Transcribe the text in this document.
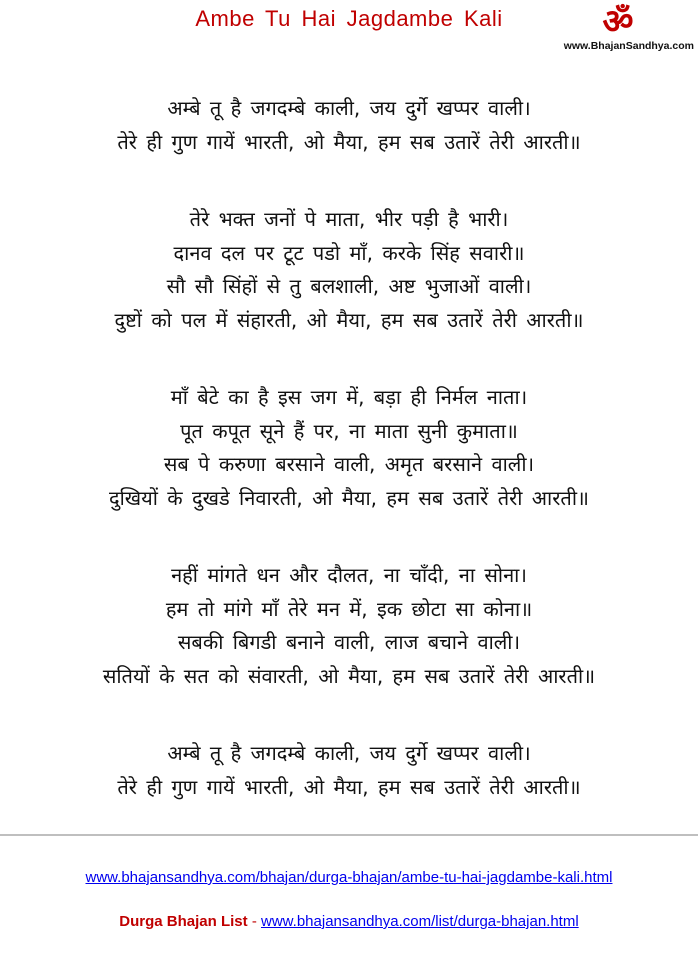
Ambe Tu Hai Jagdambe Kali	ॐ
www.BhajanSandhya.com
अम्बे तू है जगदम्बे काली, जय दुर्गे खप्पर वाली।
तेरे ही गुण गायें भारती, ओ मैया, हम सब उतारें तेरी आरती॥
तेरे भक्त जनों पे माता, भीर पड़ी है भारी।
दानव दल पर टूट पडो माँ, करके सिंह सवारी॥
सौ सौ सिंहों से तु बलशाली, अष्ट भुजाओं वाली।
दुष्टों को पल में संहारती, ओ मैया, हम सब उतारें तेरी आरती॥
माँ बेटे का है इस जग में, बड़ा ही निर्मल नाता।
पूत कपूत सूने हैं पर, ना माता सुनी कुमाता॥
सब पे करुणा बरसाने वाली, अमृत बरसाने वाली।
दुखियों के दुखडे निवारती, ओ मैया, हम सब उतारें तेरी आरती॥
नहीं मांगते धन और दौलत, ना चाँदी, ना सोना।
हम तो मांगे माँ तेरे मन में, इक छोटा सा कोना॥
सबकी बिगडी बनाने वाली, लाज बचाने वाली।
सतियों के सत को संवारती, ओ मैया, हम सब उतारें तेरी आरती॥
अम्बे तू है जगदम्बे काली, जय दुर्गे खप्पर वाली।
तेरे ही गुण गायें भारती, ओ मैया, हम सब उतारें तेरी आरती॥
www.bhajansandhya.com/bhajan/durga-bhajan/ambe-tu-hai-jagdambe-kali.html
Durga Bhajan List - www.bhajansandhya.com/list/durga-bhajan.html
